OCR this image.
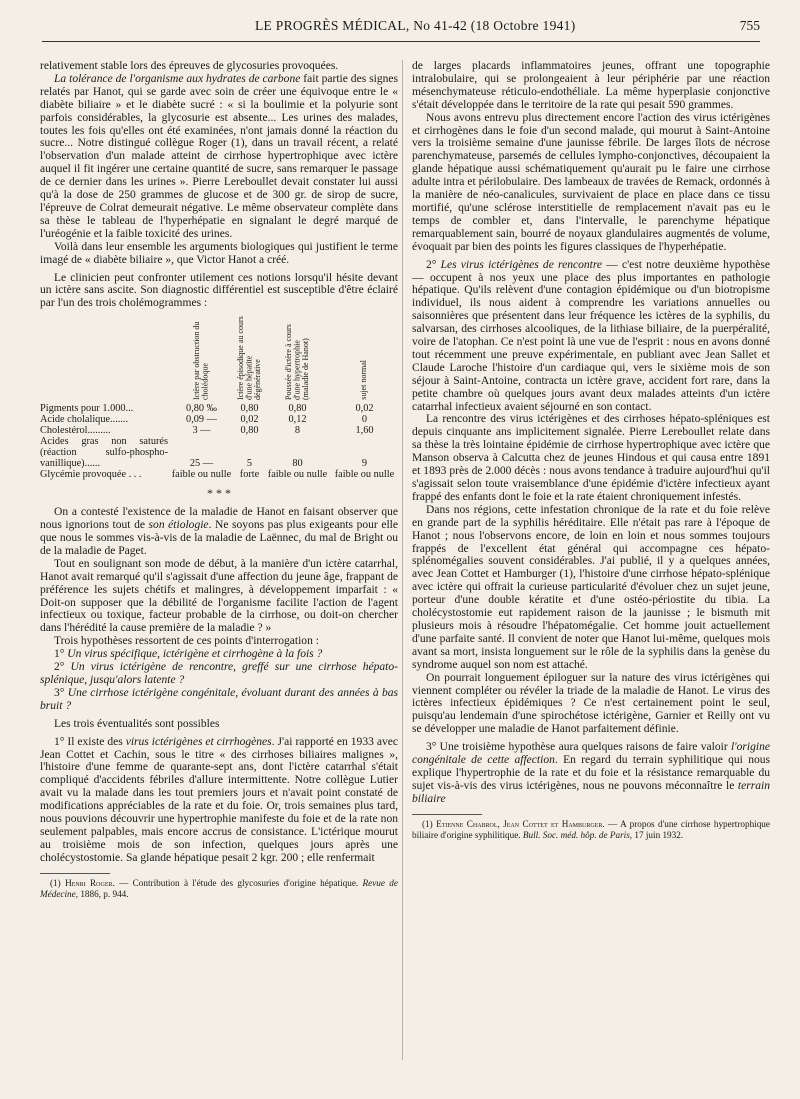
LE PROGRÈS MÉDICAL, No 41-42 (18 Octobre 1941)	755

relativement stable lors des épreuves de glycosuries provoquées.

La tolérance de l'organisme aux hydrates de carbone fait partie des signes relatés par Hanot, qui se garde avec soin de créer une équivoque entre le « diabète biliaire » et le diabète sucré : « si la boulimie et la polyurie sont parfois considérables, la glycosurie est absente... Les urines des malades, toutes les fois qu'elles ont été examinées, n'ont jamais donné la réaction du sucre... Notre distingué collègue Roger (1), dans un travail récent, a relaté l'observation d'un malade atteint de cirrhose hypertrophique avec ictère auquel il fit ingérer une certaine quantité de sucre, sans remarquer le passage de ce dernier dans les urines ». Pierre Lereboullet devait constater lui aussi qu'à la dose de 250 grammes de glucose et de 300 gr. de sirop de sucre, l'épreuve de Colrat demeurait négative. Le même observateur complète dans sa thèse le tableau de l'hyperhépatie en signalant le degré marqué de l'uréogénie et la faible toxicité des urines.

Voilà dans leur ensemble les arguments biologiques qui justifient le terme imagé de « diabète biliaire », que Victor Hanot a créé.

Le clinicien peut confronter utilement ces notions lorsqu'il hésite devant un ictère sans ascite. Son diagnostic différentiel est susceptible d'être éclairé par l'un des trois cholémogrammes :

	Ictère par obstruction du cholédoque	Ictère épisodique au cours d'une hépatite dégénérative	Poussée d'ictère à cours d'une hypertrophie (maladie de Hanot)	sujet normal
Pigments pour 1.000...	0,80 ‰	0,80	0,80	0,02
Acide cholalique.......	0,09 —	0,02	0,12	0
Cholestérol.........	3 —	0,80	8	1,60
Acides gras non saturés (réaction sulfo-phospho-vanillique)......	25 —	5	80	9
Glycémie provoquée . . .	faible ou nulle	forte	faible ou nulle	faible ou nulle
* * *

On a contesté l'existence de la maladie de Hanot en faisant observer que nous ignorions tout de son étiologie. Ne soyons pas plus exigeants pour elle que nous le sommes vis-à-vis de la maladie de Laënnec, du mal de Bright ou de la maladie de Paget.

Tout en soulignant son mode de début, à la manière d'un ictère catarrhal, Hanot avait remarqué qu'il s'agissait d'une affection du jeune âge, frappant de préférence les sujets chétifs et malingres, à développement imparfait : « Doit-on supposer que la débilité de l'organisme facilite l'action de l'agent infectieux ou toxique, facteur probable de la cirrhose, ou doit-on chercher dans l'hérédité la cause première de la maladie ? »

Trois hypothèses ressortent de ces points d'interrogation :

1° Un virus spécifique, ictérigène et cirrhogène à la fois ?

2° Un virus ictérigène de rencontre, greffé sur une cirrhose hépato-splénique, jusqu'alors latente ?

3° Une cirrhose ictérigène congénitale, évoluant durant des années à bas bruit ?

Les trois éventualités sont possibles

1° Il existe des virus ictérigènes et cirrhogènes. J'ai rapporté en 1933 avec Jean Cottet et Cachin, sous le titre « des cirrhoses biliaires malignes », l'histoire d'une femme de quarante-sept ans, dont l'ictère catarrhal s'était compliqué d'accidents fébriles d'allure intermittente. Notre collègue Lutier avait vu la malade dans les tout premiers jours et n'avait point constaté de modifications appréciables de la rate et du foie. Or, trois semaines plus tard, nous pouvions découvrir une hypertrophie manifeste du foie et de la rate non seulement palpables, mais encore accrus de consistance. L'ictérique mourut au troisième mois de son infection, quelques jours après une cholécystostomie. Sa glande hépatique pesait 2 kgr. 200 ; elle renfermait

(1) Henri Roger. — Contribution à l'étude des glycosuries d'origine hépatique. Revue de Médecine, 1886, p. 944.

de larges placards inflammatoires jeunes, offrant une topographie intralobulaire, qui se prolongeaient à leur périphérie par une réaction mésenchymateuse réticulo-endothéliale. La même hyperplasie conjonctive s'était développée dans le territoire de la rate qui pesait 590 grammes.

Nous avons entrevu plus directement encore l'action des virus ictérigènes et cirrhogènes dans le foie d'un second malade, qui mourut à Saint-Antoine vers la troisième semaine d'une jaunisse fébrile. De larges îlots de nécrose parenchymateuse, parsemés de cellules lympho-conjonctives, découpaient la glande hépatique aussi schématiquement qu'aurait pu le faire une cirrhose adulte intra et périlobulaire. Des lambeaux de travées de Remack, ordonnés à la manière de néo-canalicules, survivaient de place en place dans ce tissu mortifié, qu'une sclérose interstitielle de remplacement n'avait pas eu le temps de combler et, dans l'intervalle, le parenchyme hépatique remarquablement sain, bourré de noyaux glandulaires augmentés de volume, évoquait par bien des points les figures classiques de l'hyperhépatie.

2° Les virus ictérigènes de rencontre — c'est notre deuxième hypothèse — occupent à nos yeux une place des plus importantes en pathologie hépatique. Qu'ils relèvent d'une contagion épidémique ou d'un biotropisme individuel, ils nous aident à comprendre les variations annuelles ou saisonnières que présentent dans leur fréquence les ictères de la syphilis, du salvarsan, des cirrhoses alcooliques, de la lithiase biliaire, de la puerpéralité, voire de l'atophan. Ce n'est point là une vue de l'esprit : nous en avons donné tout récemment une preuve expérimentale, en publiant avec Jean Sallet et Claude Laroche l'histoire d'un cardiaque qui, vers le sixième mois de son séjour à Saint-Antoine, contracta un ictère grave, accident fort rare, dans la petite chambre où quelques jours avant deux malades atteints d'un ictère catarrhal infectieux avaient séjourné en son contact.

La rencontre des virus ictérigènes et des cirrhoses hépato-spléniques est depuis cinquante ans implicitement signalée. Pierre Lereboullet relate dans sa thèse la très lointaine épidémie de cirrhose hypertrophique avec ictère que Manson observa à Calcutta chez de jeunes Hindous et qui causa entre 1891 et 1893 près de 2.000 décès : nous avons tendance à traduire aujourd'hui qu'il s'agissait selon toute vraisemblance d'une épidémie d'ictère infectieux ayant frappé des enfants dont le foie et la rate étaient chroniquement infestés.

Dans nos régions, cette infestation chronique de la rate et du foie relève en grande part de la syphilis héréditaire. Elle n'était pas rare à l'époque de Hanot ; nous l'observons encore, de loin en loin et nous sommes toujours frappés de l'excellent état général qui accompagne ces hépato-splénomégalies souvent considérables. J'ai publié, il y a quelques années, avec Jean Cottet et Hamburger (1), l'histoire d'une cirrhose hépato-splénique avec ictère qui offrait la curieuse particularité d'évoluer chez un sujet jeune, porteur d'une double kératite et d'une ostéo-périostite du tibia. La cholécystostomie eut rapidement raison de la jaunisse ; le bismuth mit plusieurs mois à résoudre l'hépatomégalie. Cet homme jouit actuellement d'une parfaite santé. Il convient de noter que Hanot lui-même, quelques mois avant sa mort, insista longuement sur le rôle de la syphilis dans la genèse du syndrome auquel son nom est attaché.

On pourrait longuement épiloguer sur la nature des virus ictérigènes qui viennent compléter ou révéler la triade de la maladie de Hanot. Le virus des ictères infectieux épidémiques ? Ce n'est certainement point le seul, puisqu'au lendemain d'une spirochétose ictérigène, Garnier et Reilly ont vu se développer une maladie de Hanot parfaitement définie.

3° Une troisième hypothèse aura quelques raisons de faire valoir l'origine congénitale de cette affection. En regard du terrain syphilitique qui nous explique l'hypertrophie de la rate et du foie et la résistance remarquable du sujet vis-à-vis des virus ictérigènes, nous ne pouvons méconnaître le terrain biliaire

(1) Etienne Chabrol, Jean Cottet et Hamburger. — A propos d'une cirrhose hypertrophique biliaire d'origine syphilitique. Bull. Soc. méd. hôp. de Paris, 17 juin 1932.
